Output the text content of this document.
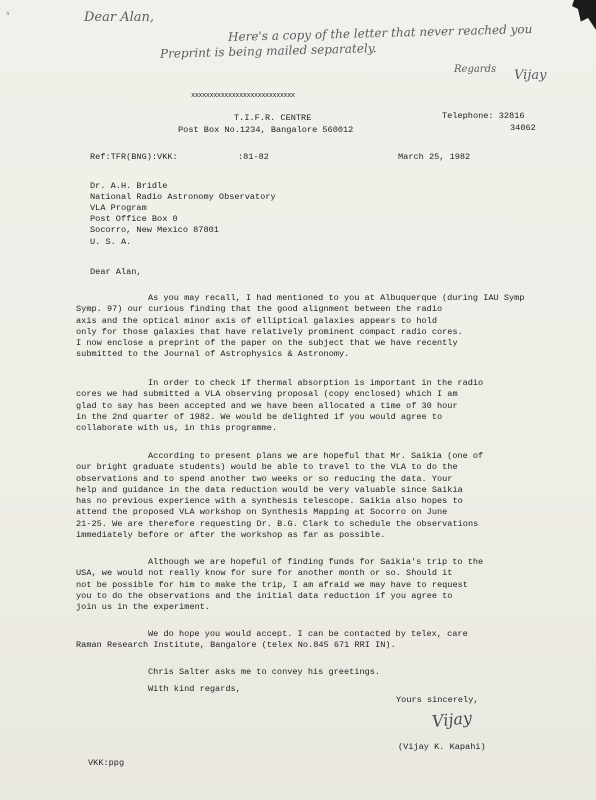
s	Dear Alan,
Here's a copy of the letter that never reached you
Preprint is being mailed separately.
Regards Vijay
xxxxxxxxxxxxxxxxxxxxxxxxxxxx
T.I.F.R. CENTRE
Post Box No.1234, Bangalore 560012
Telephone: 32816
34062
Ref:TFR(BNG):VKK:	:81-82	March 25, 1982
Dr. A.H. Bridle
National Radio Astronomy Observatory
VLA Program
Post Office Box 0
Socorro, New Mexico 87801
U. S. A.
Dear Alan,
As you may recall, I had mentioned to you at Albuquerque (during IAU Symp
Symp. 97) our curious finding that the good alignment between the radio
axis and the optical minor axis of elliptical galaxies appears to hold
only for those galaxies that have relatively prominent compact radio cores.
I now enclose a preprint of the paper on the subject that we have recently
submitted to the Journal of Astrophysics & Astronomy.
In order to check if thermal absorption is important in the radio
cores we had submitted a VLA observing proposal (copy enclosed) which I am
glad to say has been accepted and we have been allocated a time of 30 hour
in the 2nd quarter of 1982. We would be delighted if you would agree to
collaborate with us, in this programme.
According to present plans we are hopeful that Mr. Saikia (one of
our bright graduate students) would be able to travel to the VLA to do the
observations and to spend another two weeks or so reducing the data. Your
help and guidance in the data reduction would be very valuable since Saikia
has no previous experience with a synthesis telescope. Saikia also hopes to
attend the proposed VLA workshop on Synthesis Mapping at Socorro on June
21-25. We are therefore requesting Dr. B.G. Clark to schedule the observations
immediately before or after the workshop as far as possible.
Although we are hopeful of finding funds for Saikia's trip to the
USA, we would not really know for sure for another month or so. Should it
not be possible for him to make the trip, I am afraid we may have to request
you to do the observations and the initial data reduction if you agree to
join us in the experiment.
We do hope you would accept. I can be contacted by telex, care
Raman Research Institute, Bangalore (telex No.845 671 RRI IN).
Chris Salter asks me to convey his greetings.
With kind regards,
Yours sincerely,
Vijay
(Vijay K. Kapahi)
VKK:ppg
